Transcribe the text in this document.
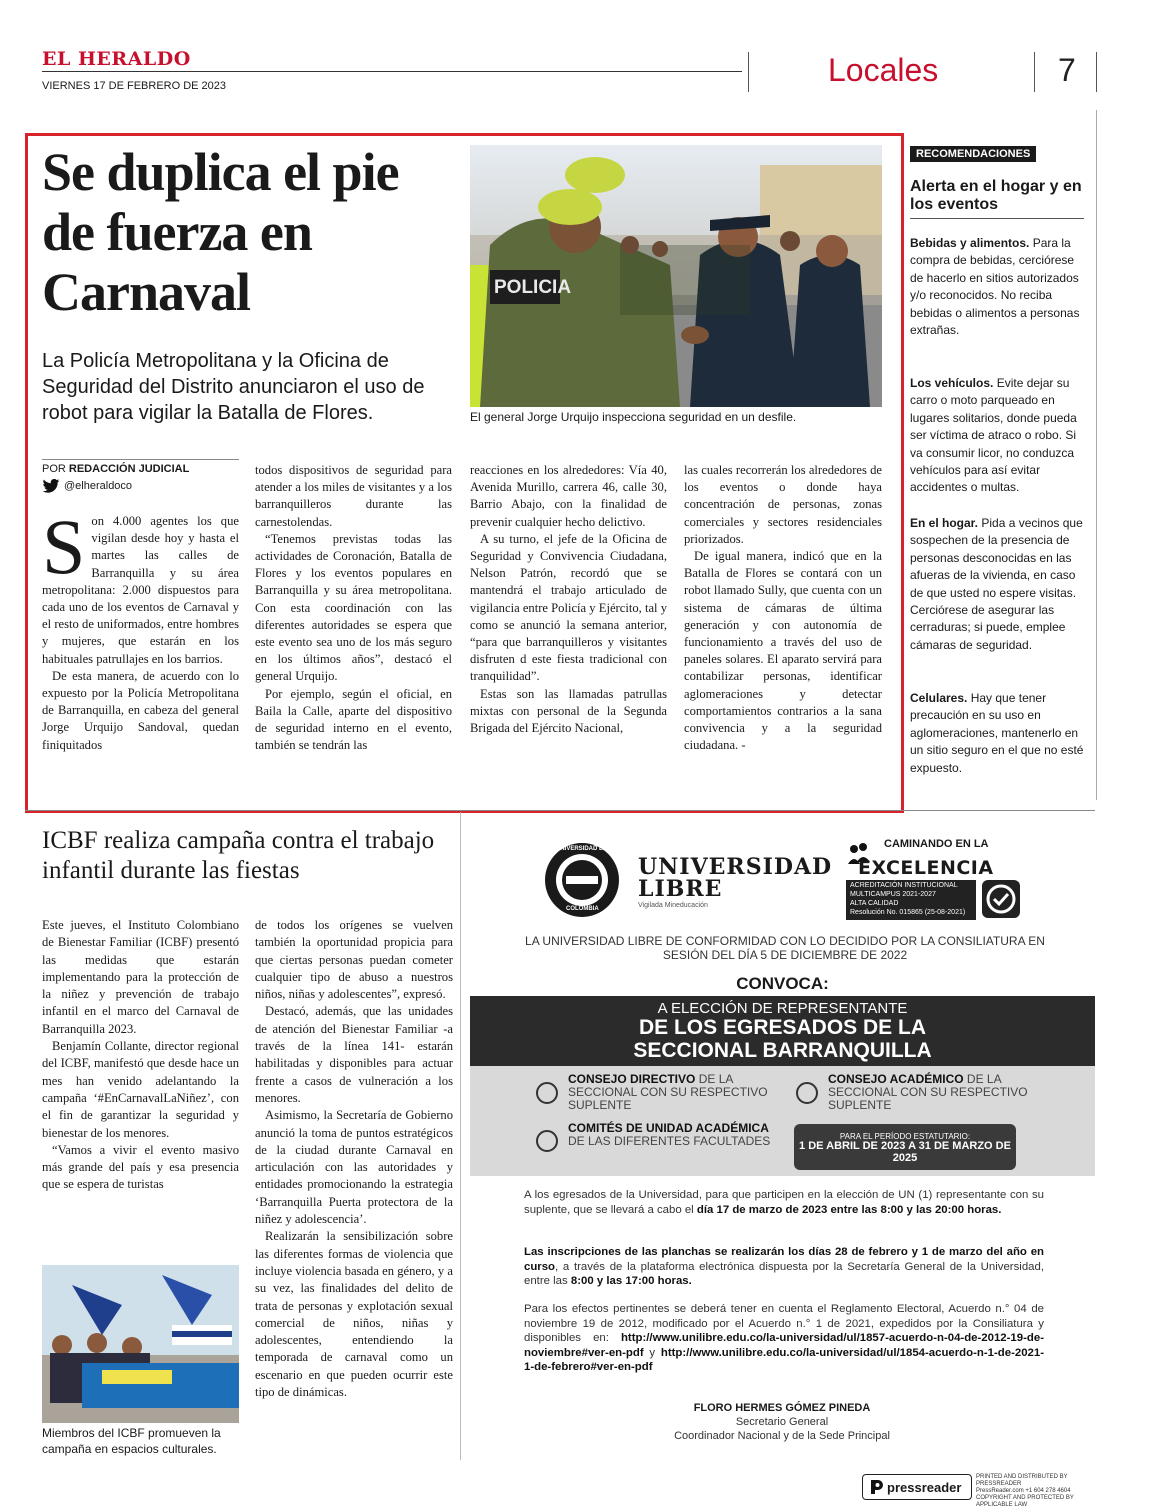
EL HERALDO
VIERNES 17 DE FEBRERO DE 2023	Locales	7
Se duplica el pie de fuerza en Carnaval
La Policía Metropolitana y la Oficina de Seguridad del Distrito anunciaron el uso de robot para vigilar la Batalla de Flores.
POLICIA
El general Jorge Urquijo inspecciona seguridad en un desfile.
POR REDACCIÓN JUDICIAL
@elheraldoco

Son 4.000 agentes los que vigilan desde hoy y hasta el martes las calles de Barranquilla y su área metropolitana: 2.000 dispuestos para cada uno de los eventos de Carnaval y el resto de uniformados, entre hombres y mujeres, que estarán en los habituales patrullajes en los barrios.

De esta manera, de acuerdo con lo expuesto por la Policía Metropolitana de Barranquilla, en cabeza del general Jorge Urquijo Sandoval, quedan finiquitados

todos dispositivos de seguridad para atender a los miles de visitantes y a los barranquilleros durante las carnestolendas.

“Tenemos previstas todas las actividades de Coronación, Batalla de Flores y los eventos populares en Barranquilla y su área metropolitana. Con esta coordinación con las diferentes autoridades se espera que este evento sea uno de los más seguro en los últimos años”, destacó el general Urquijo.

Por ejemplo, según el oficial, en Baila la Calle, aparte del dispositivo de seguridad interno en el evento, también se tendrán las

reacciones en los alrededores: Vía 40, Avenida Murillo, carrera 46, calle 30, Barrio Abajo, con la finalidad de prevenir cualquier hecho delictivo.

A su turno, el jefe de la Oficina de Seguridad y Convivencia Ciudadana, Nelson Patrón, recordó que se mantendrá el trabajo articulado de vigilancia entre Policía y Ejército, tal y como se anunció la semana anterior, “para que barranquilleros y visitantes disfruten d este fiesta tradicional con tranquilidad”.

Estas son las llamadas patrullas mixtas con personal de la Segunda Brigada del Ejército Nacional,

las cuales recorrerán los alrededores de los eventos o donde haya concentración de personas, zonas comerciales y sectores residenciales priorizados.

De igual manera, indicó que en la Batalla de Flores se contará con un robot llamado Sully, que cuenta con un sistema de cámaras de última generación y con autonomía de funcionamiento a través del uso de paneles solares. El aparato servirá para contabilizar personas, identificar aglomeraciones y detectar comportamientos contrarios a la sana convivencia y a la seguridad ciudadana. -

RECOMENDACIONES
Alerta en el hogar y en los eventos
Bebidas y alimentos. Para la compra de bebidas, cerciórese de hacerlo en sitios autorizados y/o reconocidos. No reciba bebidas o alimentos a personas extrañas.
Los vehículos. Evite dejar su carro o moto parqueado en lugares solitarios, donde pueda ser víctima de atraco o robo. Si va consumir licor, no conduzca vehículos para así evitar accidentes o multas.
En el hogar. Pida a vecinos que sospechen de la presencia de personas desconocidas en las afueras de la vivienda, en caso de que usted no espere visitas. Cerciórese de asegurar las cerraduras; si puede, emplee cámaras de seguridad.
Celulares. Hay que tener precaución en su uso en aglomeraciones, mantenerlo en un sitio seguro en el que no esté expuesto.
ICBF realiza campaña contra el trabajo infantil durante las fiestas

Este jueves, el Instituto Colombiano de Bienestar Familiar (ICBF) presentó las medidas que estarán implementando para la protección de la niñez y prevención de trabajo infantil en el marco del Carnaval de Barranquilla 2023.

Benjamín Collante, director regional del ICBF, manifestó que desde hace un mes han venido adelantando la campaña ‘#EnCarnavalLaNiñez’, con el fin de garantizar la seguridad y bienestar de los menores.

“Vamos a vivir el evento masivo más grande del país y esa presencia que se espera de turistas

de todos los orígenes se vuelven también la oportunidad propicia para que ciertas personas puedan cometer cualquier tipo de abuso a nuestros niños, niñas y adolescentes”, expresó.

Destacó, además, que las unidades de atención del Bienestar Familiar -a través de la línea 141- estarán habilitadas y disponibles para actuar frente a casos de vulneración a los menores.

Asimismo, la Secretaría de Gobierno anunció la toma de puntos estratégicos de la ciudad durante Carnaval en articulación con las autoridades y entidades promocionando la estrategia ‘Barranquilla Puerta protectora de la niñez y adolescencia’.

Realizarán la sensibilización sobre las diferentes formas de violencia que incluye violencia basada en género, y a su vez, las finalidades del delito de trata de personas y explotación sexual comercial de niños, niñas y adolescentes, entendiendo la temporada de carnaval como un escenario en que pueden ocurrir este tipo de dinámicas.

Miembros del ICBF promueven la campaña en espacios culturales.
UNIVERSIDAD LIBRE
COLOMBIA
UNIVERSIDAD
LIBRE
Vigilada Mineducación
CAMINANDO EN LA
EXCELENCIA
ACREDITACIÓN INSTITUCIONAL
MULTICAMPUS 2021-2027
ALTA CALIDAD
Resolución No. 015865 (25-08-2021)
LA UNIVERSIDAD LIBRE DE CONFORMIDAD CON LO DECIDIDO POR LA CONSILIATURA EN SESIÓN DEL DÍA 5 DE DICIEMBRE DE 2022
CONVOCA:
A ELECCIÓN DE REPRESENTANTE
DE LOS EGRESADOS DE LA
SECCIONAL BARRANQUILLA
CONSEJO DIRECTIVO DE LA SECCIONAL CON SU RESPECTIVO SUPLENTE
CONSEJO ACADÉMICO DE LA SECCIONAL CON SU RESPECTIVO SUPLENTE
COMITÉS DE UNIDAD ACADÉMICA DE LAS DIFERENTES FACULTADES	PARA EL PERÍODO ESTATUTARIO:
1 DE ABRIL DE 2023 A 31 DE MARZO DE 2025
A los egresados de la Universidad, para que participen en la elección de UN (1) representante con su suplente, que se llevará a cabo el día 17 de marzo de 2023 entre las 8:00 y las 20:00 horas.
Las inscripciones de las planchas se realizarán los días 28 de febrero y 1 de marzo del año en curso, a través de la plataforma electrónica dispuesta por la Secretaría General de la Universidad, entre las 8:00 y las 17:00 horas.
Para los efectos pertinentes se deberá tener en cuenta el Reglamento Electoral, Acuerdo n.° 04 de noviembre 19 de 2012, modificado por el Acuerdo n.° 1 de 2021, expedidos por la Consiliatura y disponibles en: http://www.unilibre.edu.co/la-universidad/ul/1857-acuerdo-n-04-de-2012-19-de-noviembre#ver-en-pdf y http://www.unilibre.edu.co/la-universidad/ul/1854-acuerdo-n-1-de-2021-1-de-febrero#ver-en-pdf
FLORO HERMES GÓMEZ PINEDA
Secretario General
Coordinador Nacional y de la Sede Principal
pressreader
PRINTED AND DISTRIBUTED BY PRESSREADER
PressReader.com +1 604 278 4604
COPYRIGHT AND PROTECTED BY APPLICABLE LAW
